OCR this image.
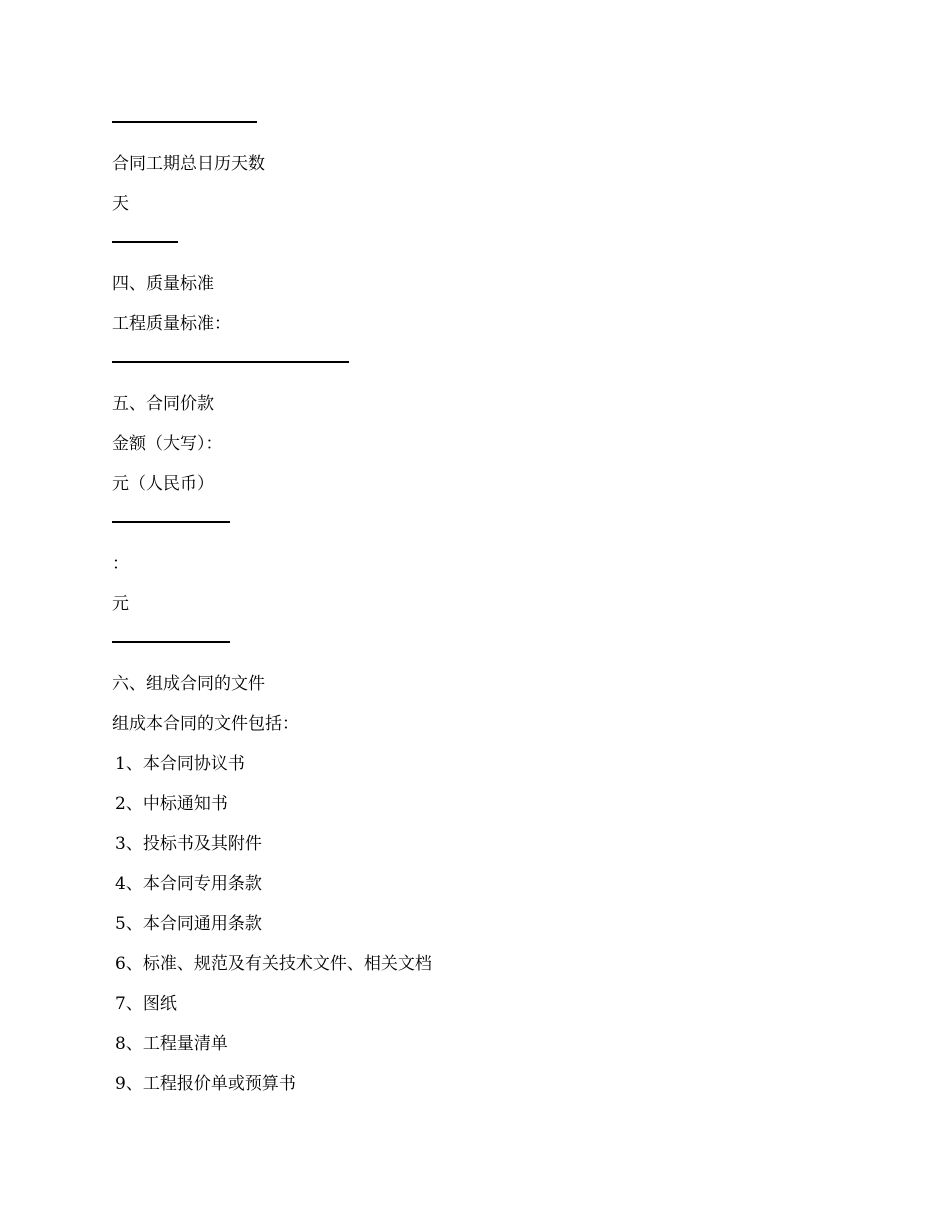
合同工期总日历天数
天
四、质量标准
工程质量标准：
五、合同价款
金额（大写）：
元（人民币）
：
元
六、组成合同的文件
组成本合同的文件包括：
1、本合同协议书
2、中标通知书
3、投标书及其附件
4、本合同专用条款
5、本合同通用条款
6、标准、规范及有关技术文件、相关文档
7、图纸
8、工程量清单
9、工程报价单或预算书
